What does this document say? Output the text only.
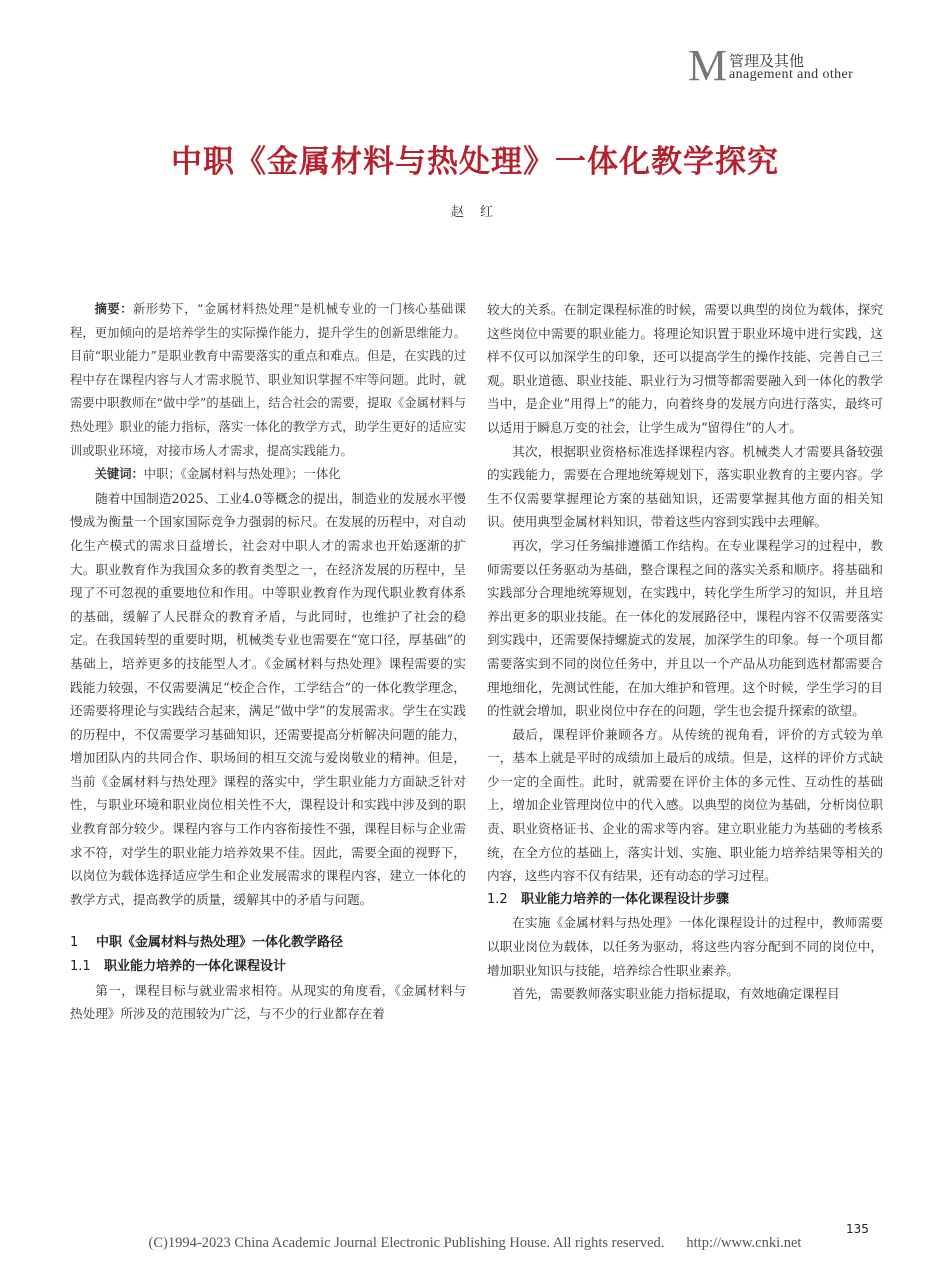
M 管理及其他
anagement and other
中职《金属材料与热处理》一体化教学探究
赵 红

摘要：新形势下，“金属材料热处理”是机械专业的一门核心基础课程，更加倾向的是培养学生的实际操作能力，提升学生的创新思维能力。目前“职业能力”是职业教育中需要落实的重点和难点。但是，在实践的过程中存在课程内容与人才需求脱节、职业知识掌握不牢等问题。此时，就需要中职教师在“做中学”的基础上，结合社会的需要，提取《金属材料与热处理》职业的能力指标，落实一体化的教学方式，助学生更好的适应实训或职业环境，对接市场人才需求，提高实践能力。

关键词：中职；《金属材料与热处理》；一体化

随着中国制造2025、工业4.0等概念的提出，制造业的发展水平慢慢成为衡量一个国家国际竞争力强弱的标尺。在发展的历程中，对自动化生产模式的需求日益增长，社会对中职人才的需求也开始逐渐的扩大。职业教育作为我国众多的教育类型之一，在经济发展的历程中，呈现了不可忽视的重要地位和作用。中等职业教育作为现代职业教育体系的基础，缓解了人民群众的教育矛盾，与此同时，也维护了社会的稳定。在我国转型的重要时期，机械类专业也需要在“宽口径，厚基础”的基础上，培养更多的技能型人才。《金属材料与热处理》课程需要的实践能力较强，不仅需要满足“校企合作，工学结合”的一体化教学理念，还需要将理论与实践结合起来，满足“做中学”的发展需求。学生在实践的历程中，不仅需要学习基础知识，还需要提高分析解决问题的能力，增加团队内的共同合作、职场间的相互交流与爱岗敬业的精神。但是，当前《金属材料与热处理》课程的落实中，学生职业能力方面缺乏针对性，与职业环境和职业岗位相关性不大，课程设计和实践中涉及到的职业教育部分较少。课程内容与工作内容衔接性不强，课程目标与企业需求不符，对学生的职业能力培养效果不佳。因此，需要全面的视野下，以岗位为载体选择适应学生和企业发展需求的课程内容，建立一体化的教学方式，提高教学的质量，缓解其中的矛盾与问题。

1 中职《金属材料与热处理》一体化教学路径
1.1 职业能力培养的一体化课程设计

第一，课程目标与就业需求相符。从现实的角度看，《金属材料与热处理》所涉及的范围较为广泛，与不少的行业都存在着

较大的关系。在制定课程标准的时候，需要以典型的岗位为载体，探究这些岗位中需要的职业能力。将理论知识置于职业环境中进行实践，这样不仅可以加深学生的印象，还可以提高学生的操作技能、完善自己三观。职业道德、职业技能、职业行为习惯等都需要融入到一体化的教学当中，是企业“用得上”的能力，向着终身的发展方向进行落实，最终可以适用于瞬息万变的社会，让学生成为“留得住”的人才。

其次，根据职业资格标准选择课程内容。机械类人才需要具备较强的实践能力，需要在合理地统筹规划下，落实职业教育的主要内容。学生不仅需要掌握理论方案的基础知识，还需要掌握其他方面的相关知识。使用典型金属材料知识，带着这些内容到实践中去理解。

再次，学习任务编排遵循工作结构。在专业课程学习的过程中，教师需要以任务驱动为基础，整合课程之间的落实关系和顺序。将基础和实践部分合理地统筹规划，在实践中，转化学生所学习的知识，并且培养出更多的职业技能。在一体化的发展路径中，课程内容不仅需要落实到实践中，还需要保持螺旋式的发展，加深学生的印象。每一个项目都需要落实到不同的岗位任务中，并且以一个产品从功能到选材都需要合理地细化，先测试性能，在加大维护和管理。这个时候，学生学习的目的性就会增加，职业岗位中存在的问题，学生也会提升探索的欲望。

最后，课程评价兼顾各方。从传统的视角看，评价的方式较为单一，基本上就是平时的成绩加上最后的成绩。但是，这样的评价方式缺少一定的全面性。此时，就需要在评价主体的多元性、互动性的基础上，增加企业管理岗位中的代入感。以典型的岗位为基础，分析岗位职责、职业资格证书、企业的需求等内容。建立职业能力为基础的考核系统，在全方位的基础上，落实计划、实施、职业能力培养结果等相关的内容，这些内容不仅有结果，还有动态的学习过程。

1.2 职业能力培养的一体化课程设计步骤

在实施《金属材料与热处理》一体化课程设计的过程中，教师需要以职业岗位为载体，以任务为驱动，将这些内容分配到不同的岗位中，增加职业知识与技能，培养综合性职业素养。

首先，需要教师落实职业能力指标提取，有效地确定课程目

135
(C)1994-2023 China Academic Journal Electronic Publishing House. All rights reserved. http://www.cnki.net
